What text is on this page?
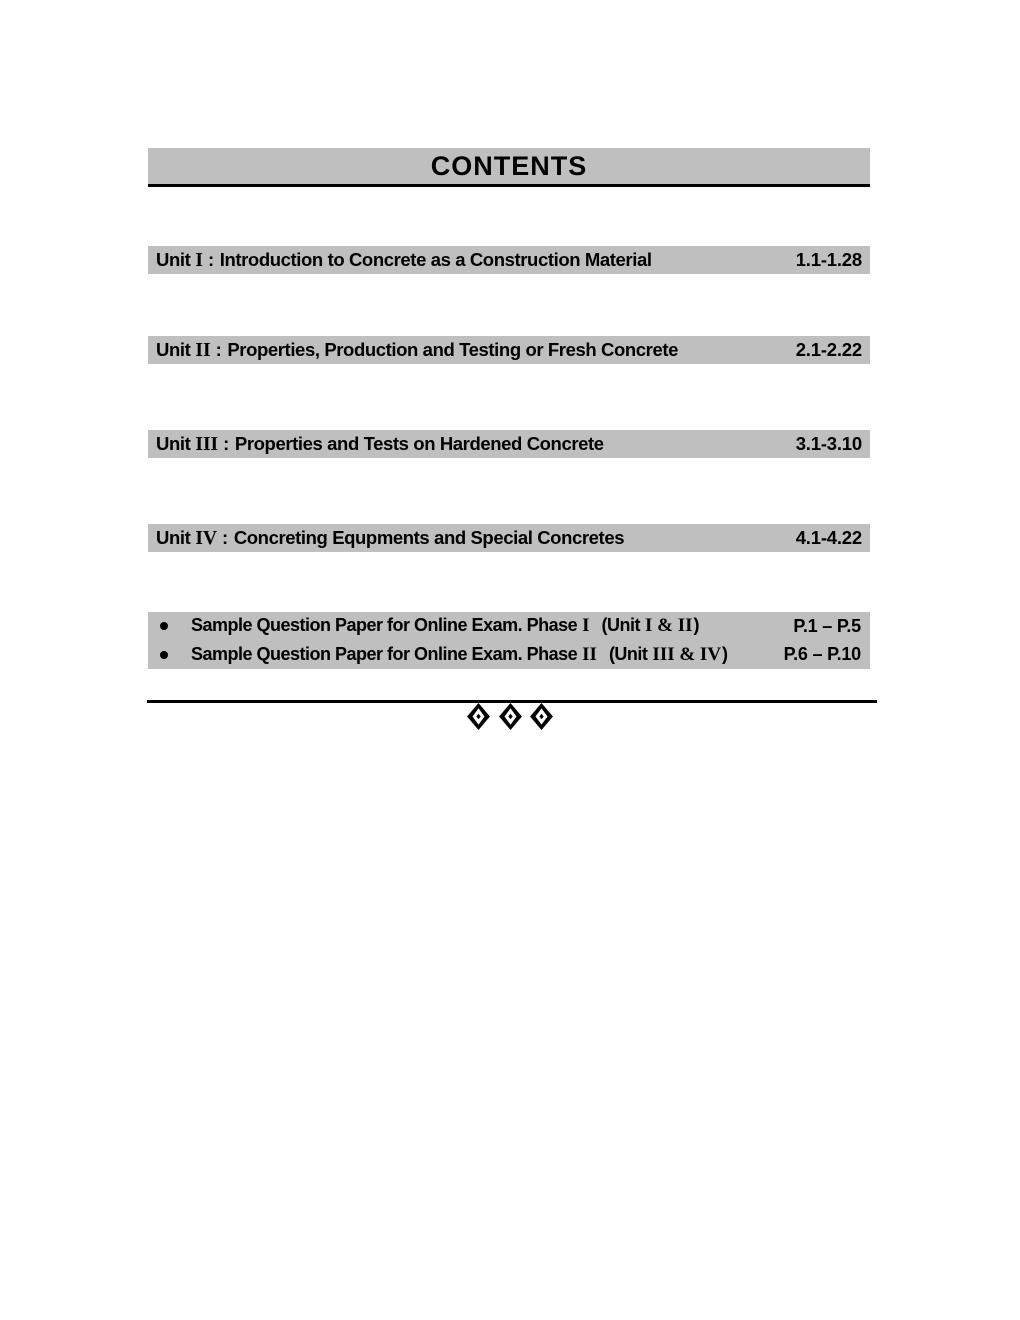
CONTENTS
Unit I : Introduction to Concrete as a Construction Material	1.1-1.28
Unit II : Properties, Production and Testing or Fresh Concrete	2.1-2.22
Unit III : Properties and Tests on Hardened Concrete	3.1-3.10
Unit IV : Concreting Equpments and Special Concretes	4.1-4.22
Sample Question Paper for Online Exam. Phase I (Unit I & II )	P.1 – P.5
Sample Question Paper for Online Exam. Phase II (Unit III & IV )	P.6 – P.10
